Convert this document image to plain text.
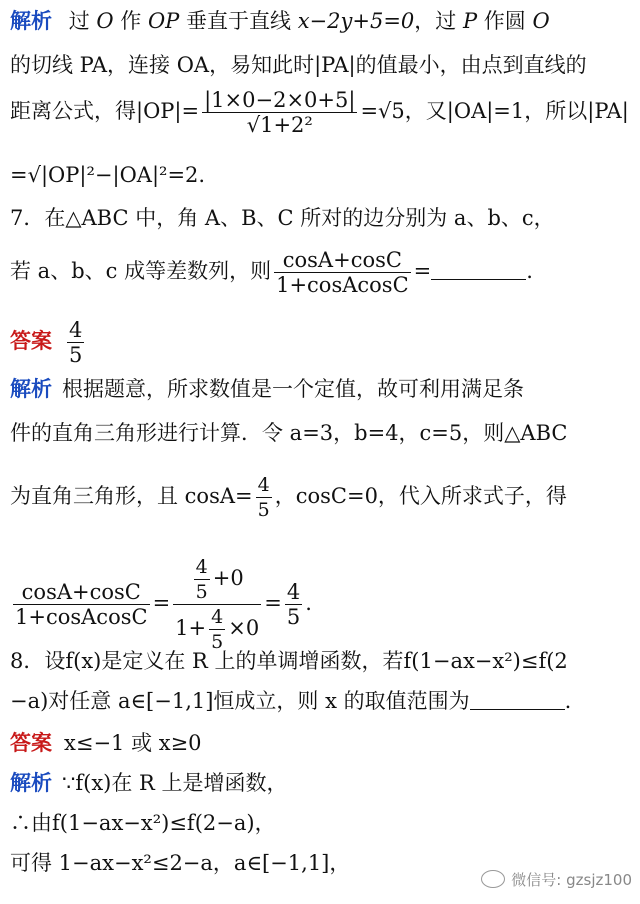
解析 过 O 作 OP 垂直于直线 x−2y+5=0，过 P 作圆 O
的切线 PA，连接 OA，易知此时|PA|的值最小，由点到直线的
距离公式，得$|OP|= \frac{|1\times 0-2\times 0+5|}{\text{√1+2²}} =√5$，又|OA|=1，所以|PA|
=√|OP|²−|OA|²=2.
7．在△ABC 中，角 A、B、C 所对的边分别为 a、b、c，
若 a、b、c 成等差数列，则 $\frac{\cos A+\cos C}{\text{1+cosAcosC}}$ =	.
答案 $\frac{4}{5}$
解析 根据题意，所求数值是一个定值，故可利用满足条
件的直角三角形进行计算．令 a=3，b=4，c=5，则△ABC
为直角三角形，且 $\cos A= \frac{4}{5}$ ，cosC=0，代入所求式子，得
$\frac{\cos A+\cos C}{\text{1+cosAcosC}} = \frac{\frac{4}{5} +0}{1+ \frac{4}{5} \times 0} = \frac{4}{5}$ .
8．设f(x)是定义在 R 上的单调增函数，若f(1−ax−x²)≤f(2
−a)对任意 a∈[−1,1]恒成立，则 x 的取值范围为	.
答案 x≤−1 或 x≥0
解析 ∵f(x)在 R 上是增函数，
∴由f(1−ax−x²)≤f(2−a)，
可得 1−ax−x²≤2−a，a∈[−1,1]，
微信号: gzsjz100
